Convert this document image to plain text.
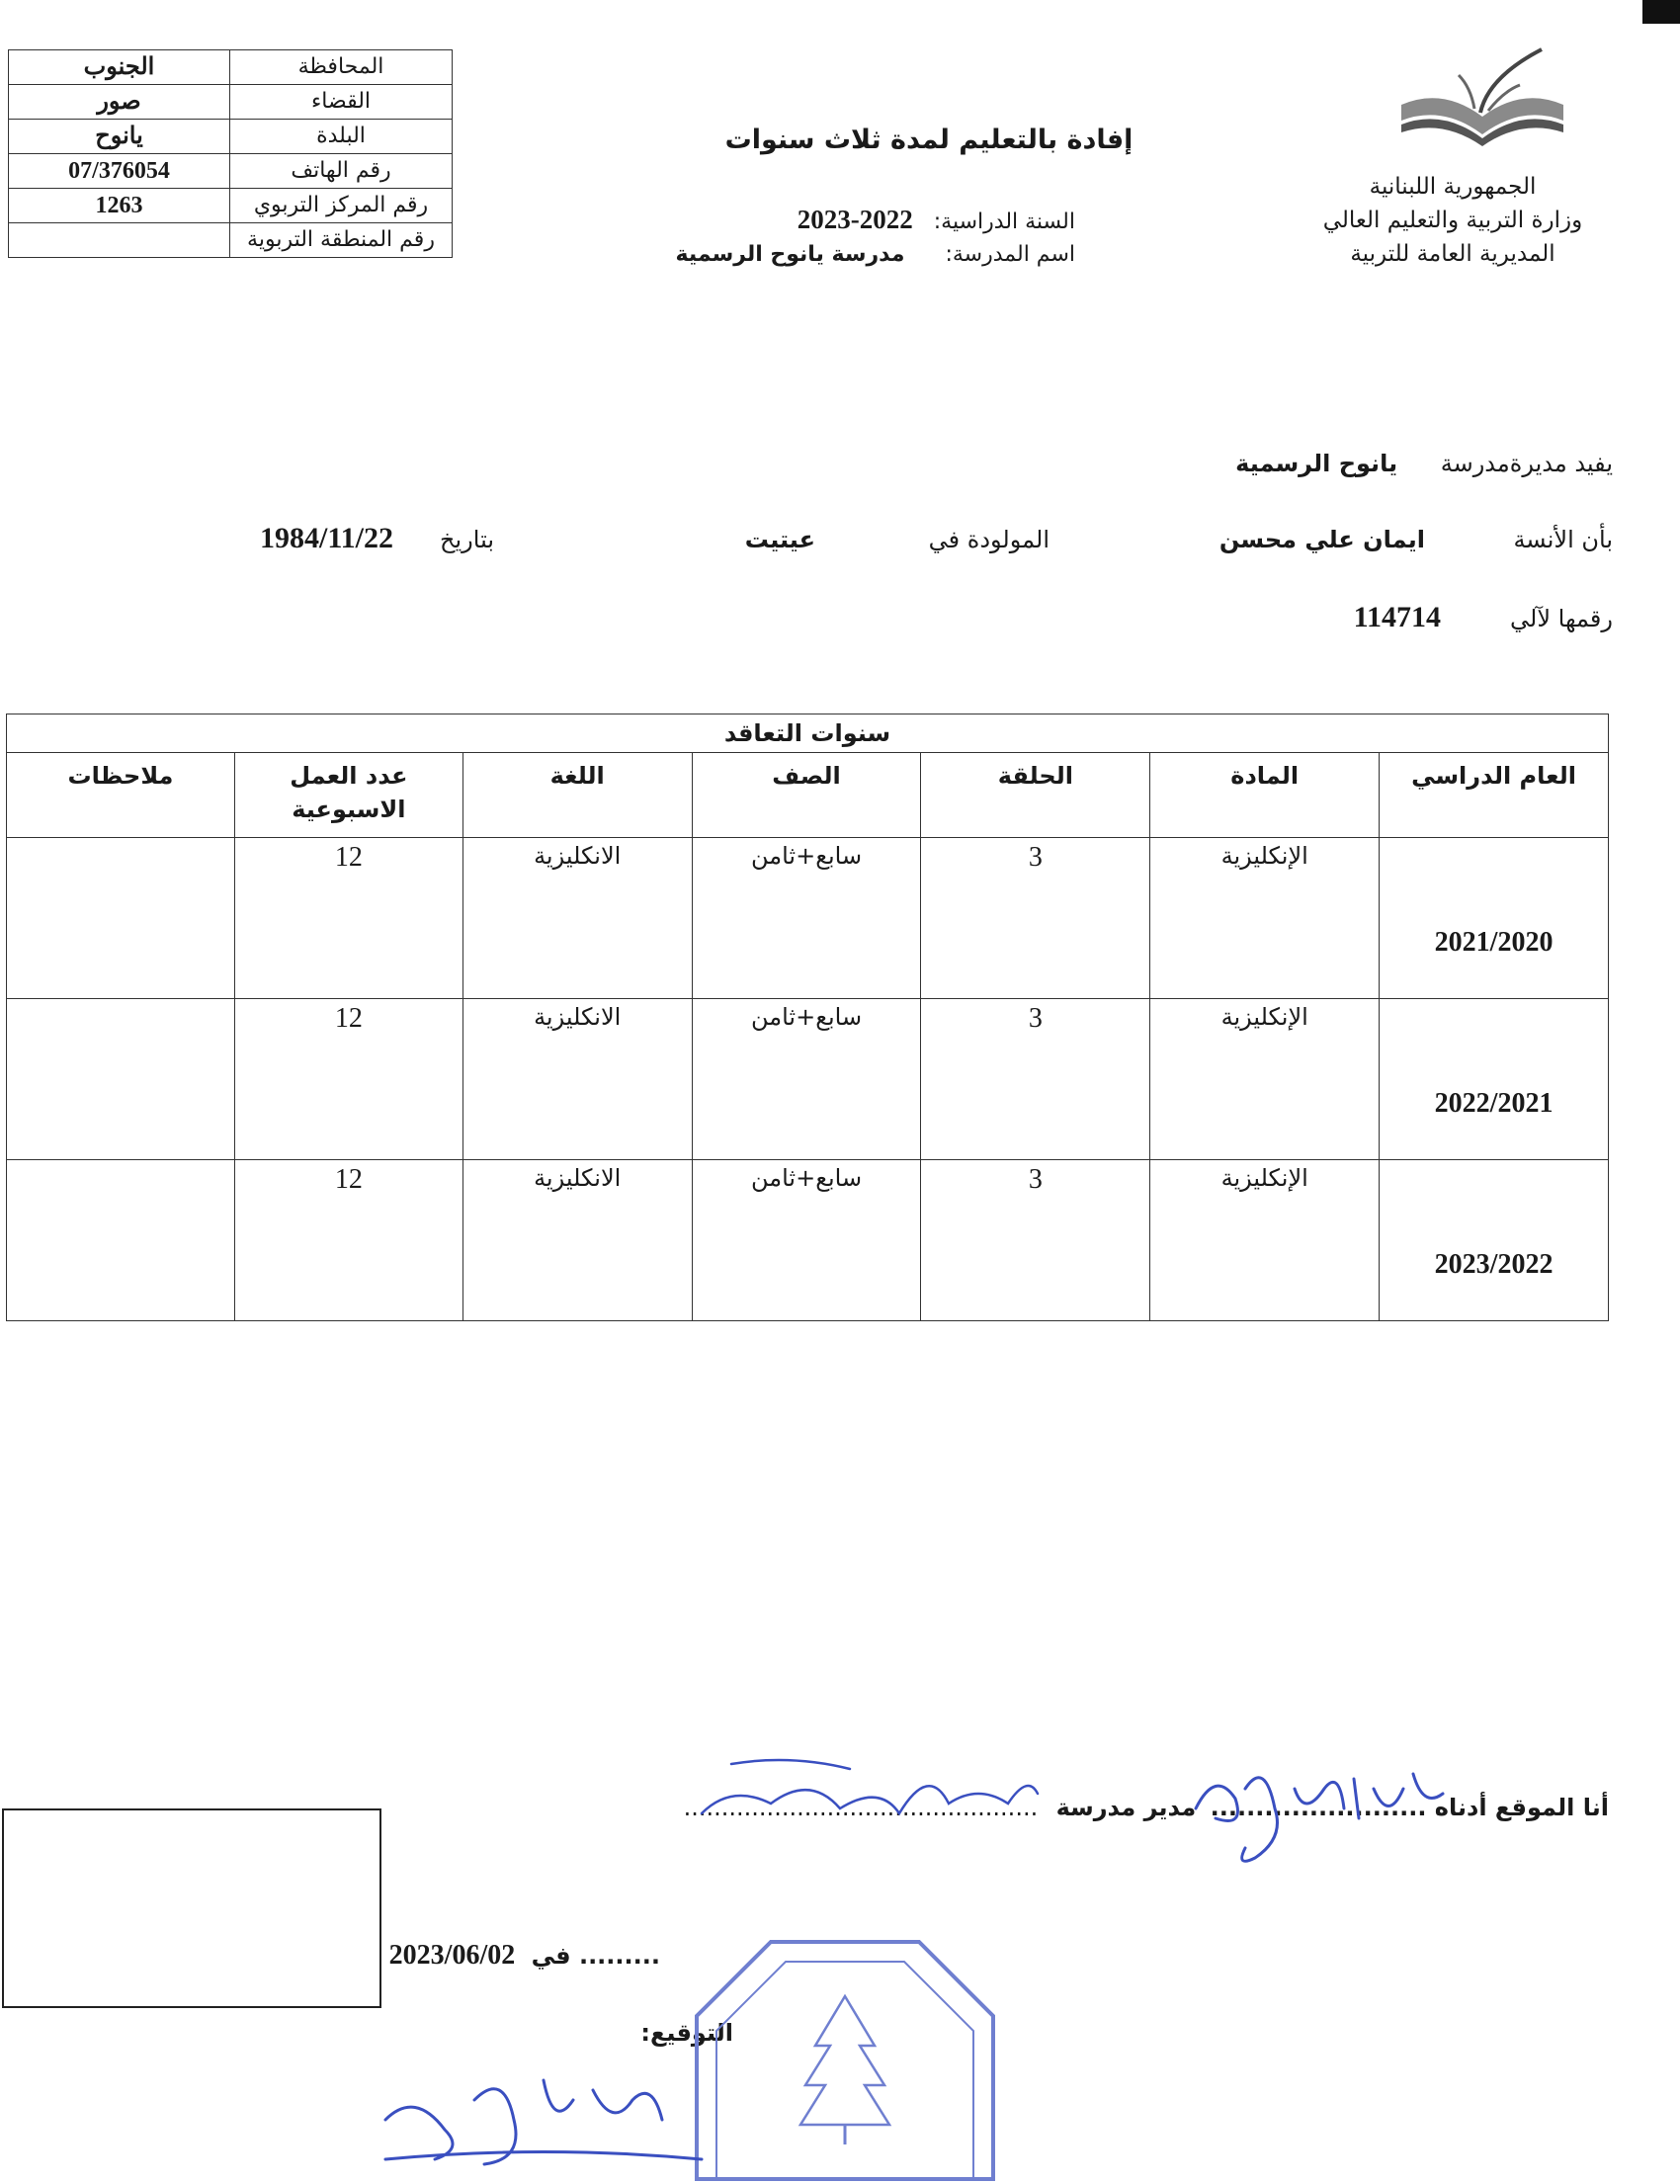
المحافظة	الجنوب
القضاء	صور
البلدة	يانوح
رقم الهاتف	07/376054
رقم المركز التربوي	1263
رقم المنطقة التربوية	
الجمهورية اللبنانية
وزارة التربية والتعليم العالي
المديرية العامة للتربية
إفادة بالتعليم لمدة ثلاث سنوات
السنة الدراسية: 2022-2023
اسم المدرسة: مدرسة يانوح الرسمية
يفيد مديرةمدرسة يانوح الرسمية
بأن الأنسة
ايمان علي محسن
المولودة في
عيتيت
بتاريخ
1984/11/22
رقمها لآلي
114714
سنوات التعاقد						
العام الدراسي	المادة	الحلقة	الصف	اللغة	عدد العمل الاسبوعية	ملاحظات
2021/2020	الإنكليزية	3	سابع+ثامن	الانكليزية	12	
2022/2021	الإنكليزية	3	سابع+ثامن	الانكليزية	12	
2023/2022	الإنكليزية	3	سابع+ثامن	الانكليزية	12	
أنا الموقع أدناه ........................ مدير مدرسة ...............................................
......... في 2023/06/02
التوقيع:
